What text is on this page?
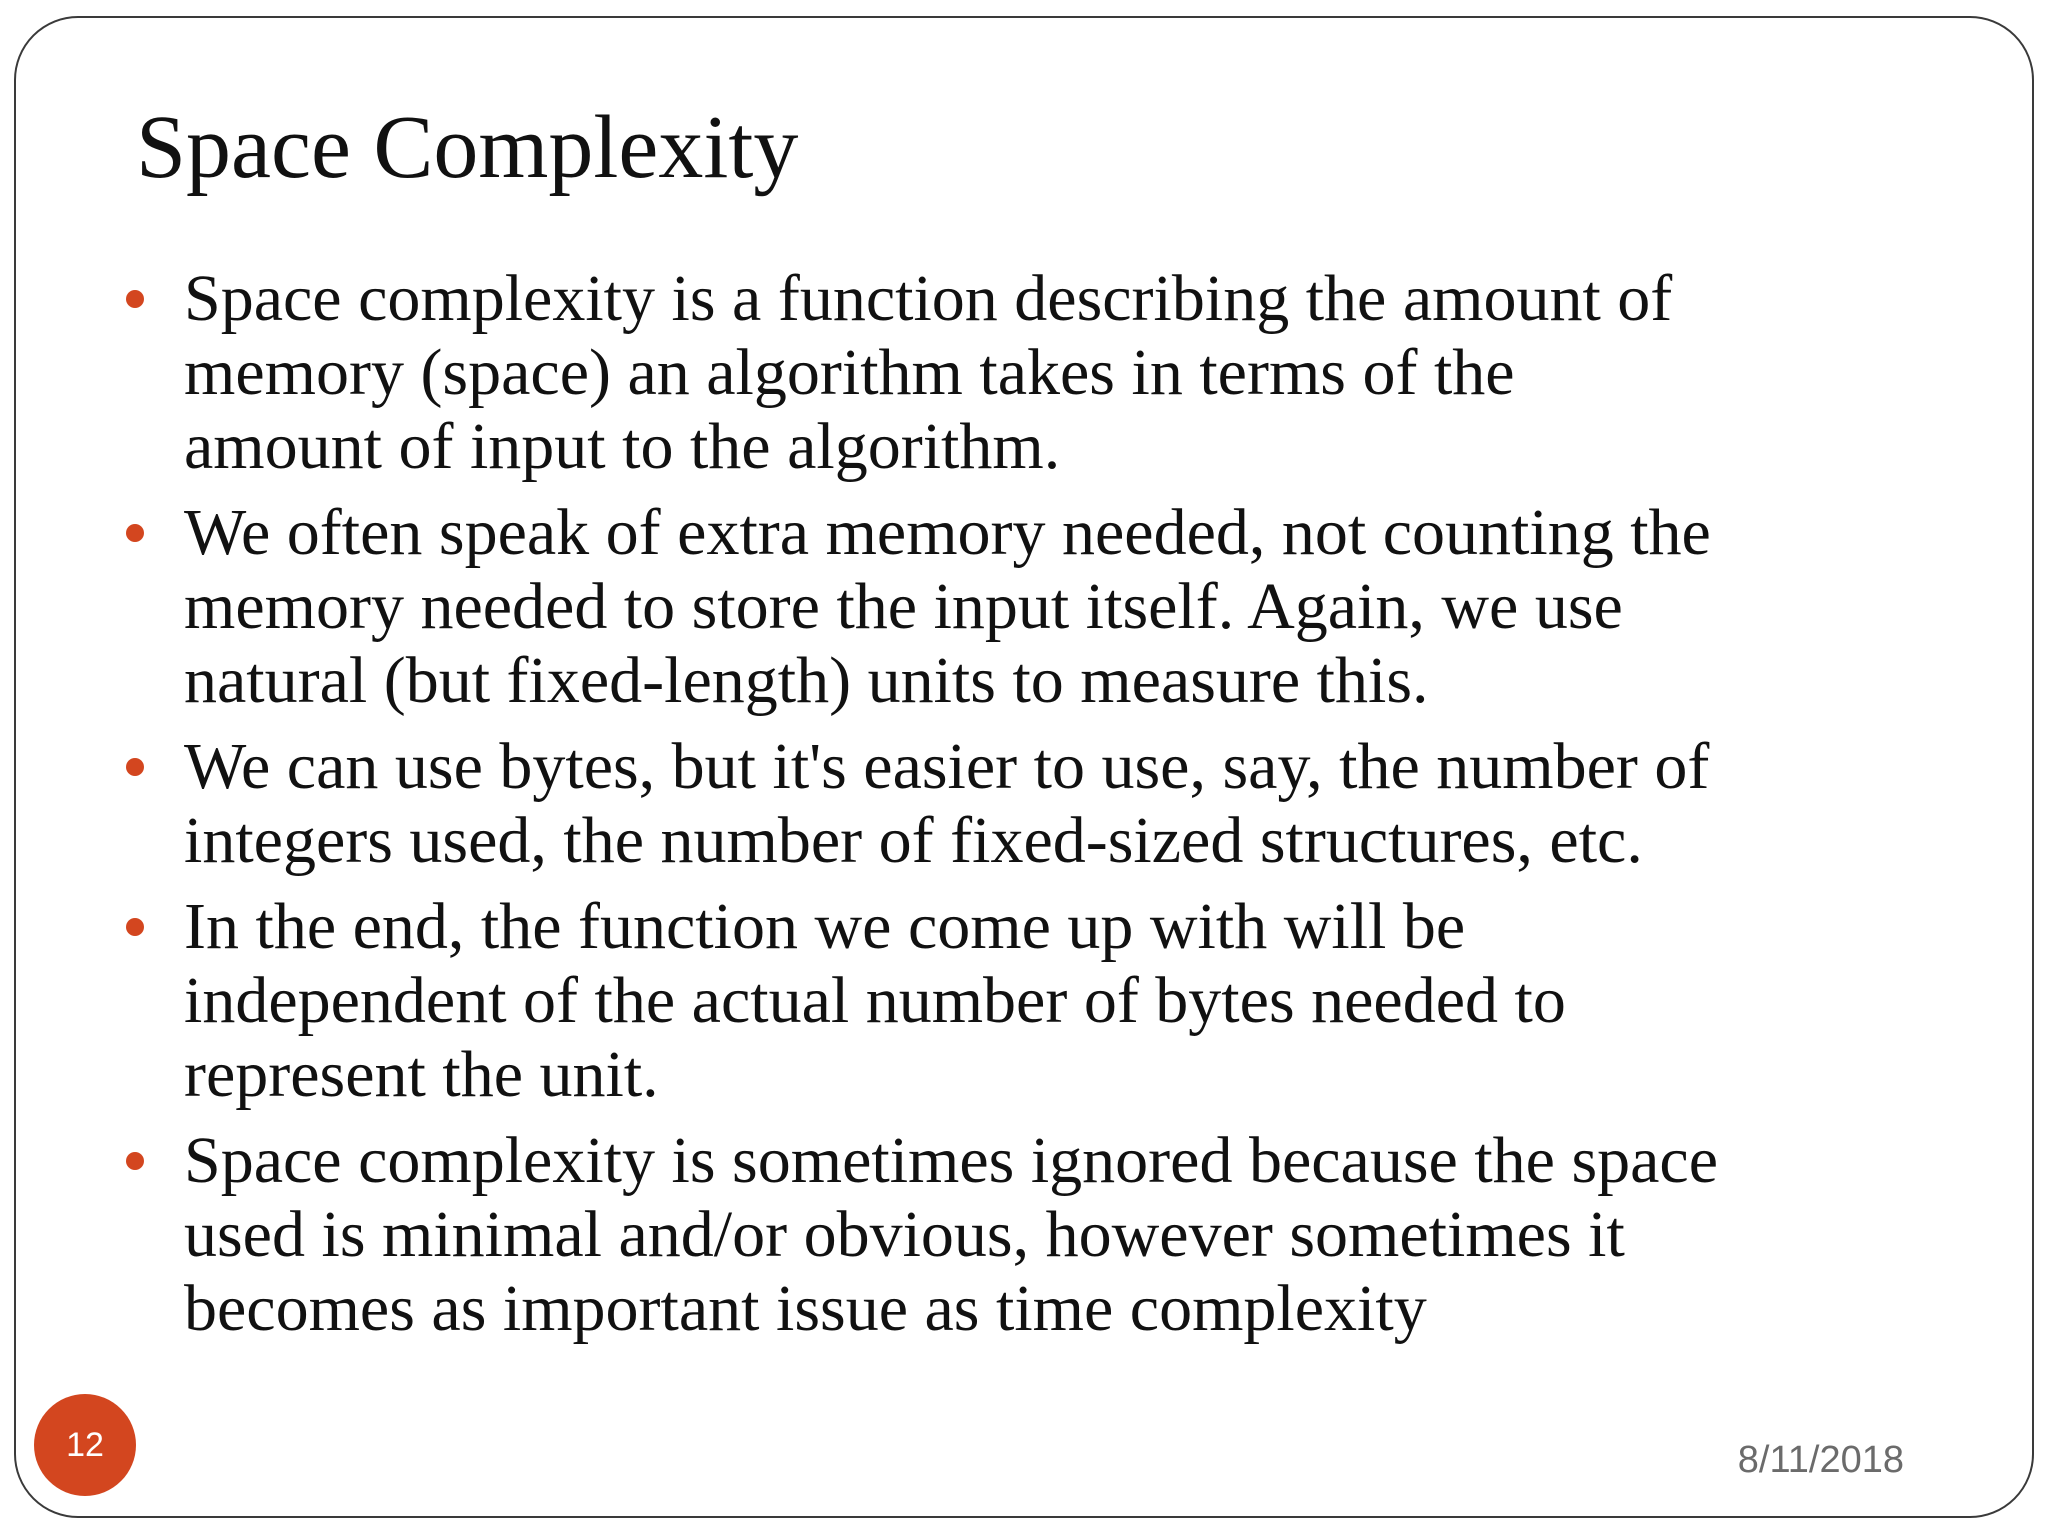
Space Complexity
Space complexity is a function describing the amount of
memory (space) an algorithm takes in terms of the
amount of input to the algorithm.
We often speak of extra memory needed, not counting the
memory needed to store the input itself. Again, we use
natural (but fixed-length) units to measure this.
We can use bytes, but it's easier to use, say, the number of
integers used, the number of fixed-sized structures, etc.
In the end, the function we come up with will be
independent of the actual number of bytes needed to
represent the unit.
Space complexity is sometimes ignored because the space
used is minimal and/or obvious, however sometimes it
becomes as important issue as time complexity
8/11/2018
12
